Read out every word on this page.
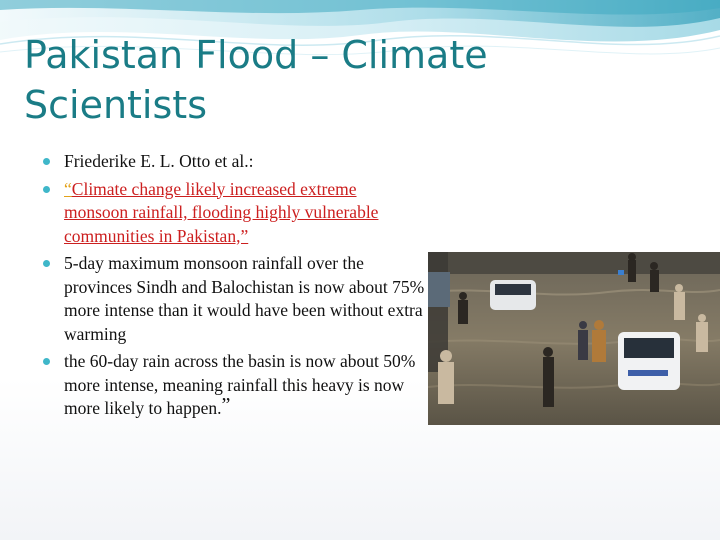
Pakistan Flood – Climate Scientists
Friederike E. L. Otto et al.:
“Climate change likely increased extreme monsoon rainfall, flooding highly vulnerable communities in Pakistan,”
5-day maximum monsoon rainfall over the provinces Sindh and Balochistan is now about 75% more intense than it would have been without extra warming
the 60-day rain across the basin is now about 50% more intense, meaning rainfall this heavy is now more likely to happen.”
